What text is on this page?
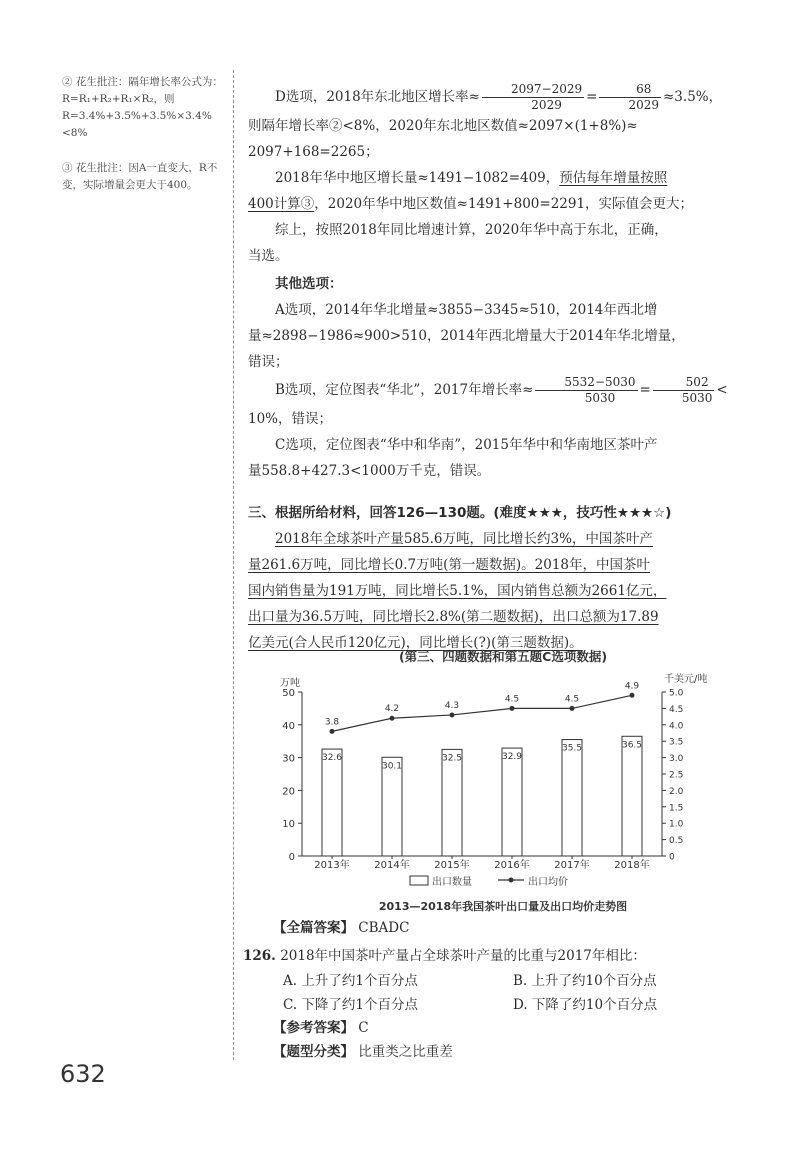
② 花生批注：隔年增长率公式为：R=R₁+R₂+R₁×R₂，则R=3.4%+3.5%+3.5%×3.4%<8%

③ 花生批注：因A一直变大，R不变，实际增量会更大于400。

D选项，2018年东北地区增长率≈ $\frac{2097-2029}{2029} = \frac{68}{2029} \approx 3.5\%$，

则隔年增长率②<8%，2020年东北地区数值≈2097×(1+8%)≈

2097+168=2265；

2018年华中地区增长量≈1491−1082=409，预估每年增量按照

400计算③，2020年华中地区数值≈1491+800=2291，实际值会更大；

综上，按照2018年同比增速计算，2020年华中高于东北，正确，

当选。

其他选项：

A选项，2014年华北增量≈3855−3345≈510，2014年西北增

量≈2898−1986≈900>510，2014年西北增量大于2014年华北增量，

错误；

B选项，定位图表“华北”，2017年增长率≈ $\frac{5532-5030}{5030} = \frac{502}{5030}$ <

10%，错误；

C选项，定位图表“华中和华南”，2015年华中和华南地区茶叶产

量558.8+427.3<1000万千克，错误。

三、根据所给材料，回答126—130题。(难度★★★，技巧性★★★☆)

2018年全球茶叶产量585.6万吨，同比增长约3%，中国茶叶产

量261.6万吨，同比增长0.7万吨(第一题数据)。2018年，中国茶叶

国内销售量为191万吨，同比增长5.1%，国内销售总额为2661亿元，

出口量为36.5万吨，同比增长2.8%(第二题数据)，出口总额为17.89

亿美元(合人民币120亿元)，同比增长(?)(第三题数据)。

(第三、四题数据和第五题C选项数据)
万吨	千美元/吨
0
10
20
30
40
50
0
0.5
1.0
1.5
2.0
2.5
3.0
3.5
4.0
4.5
5.0
32.6
30.1
32.5	32.9
35.5	36.5
2013年 2014年 2015年 2016年 2017年 2018年
3.8
4.2	4.3
4.5	4.5
4.9
出口数量	出口均价
2013—2018年我国茶叶出口量及出口均价走势图
【全篇答案】 CBADC
126. 2018年中国茶叶产量占全球茶叶产量的比重与2017年相比：
A. 上升了约1个百分点	B. 上升了约10个百分点
C. 下降了约1个百分点	D. 下降了约10个百分点
【参考答案】 C
【题型分类】 比重类之比重差
632
